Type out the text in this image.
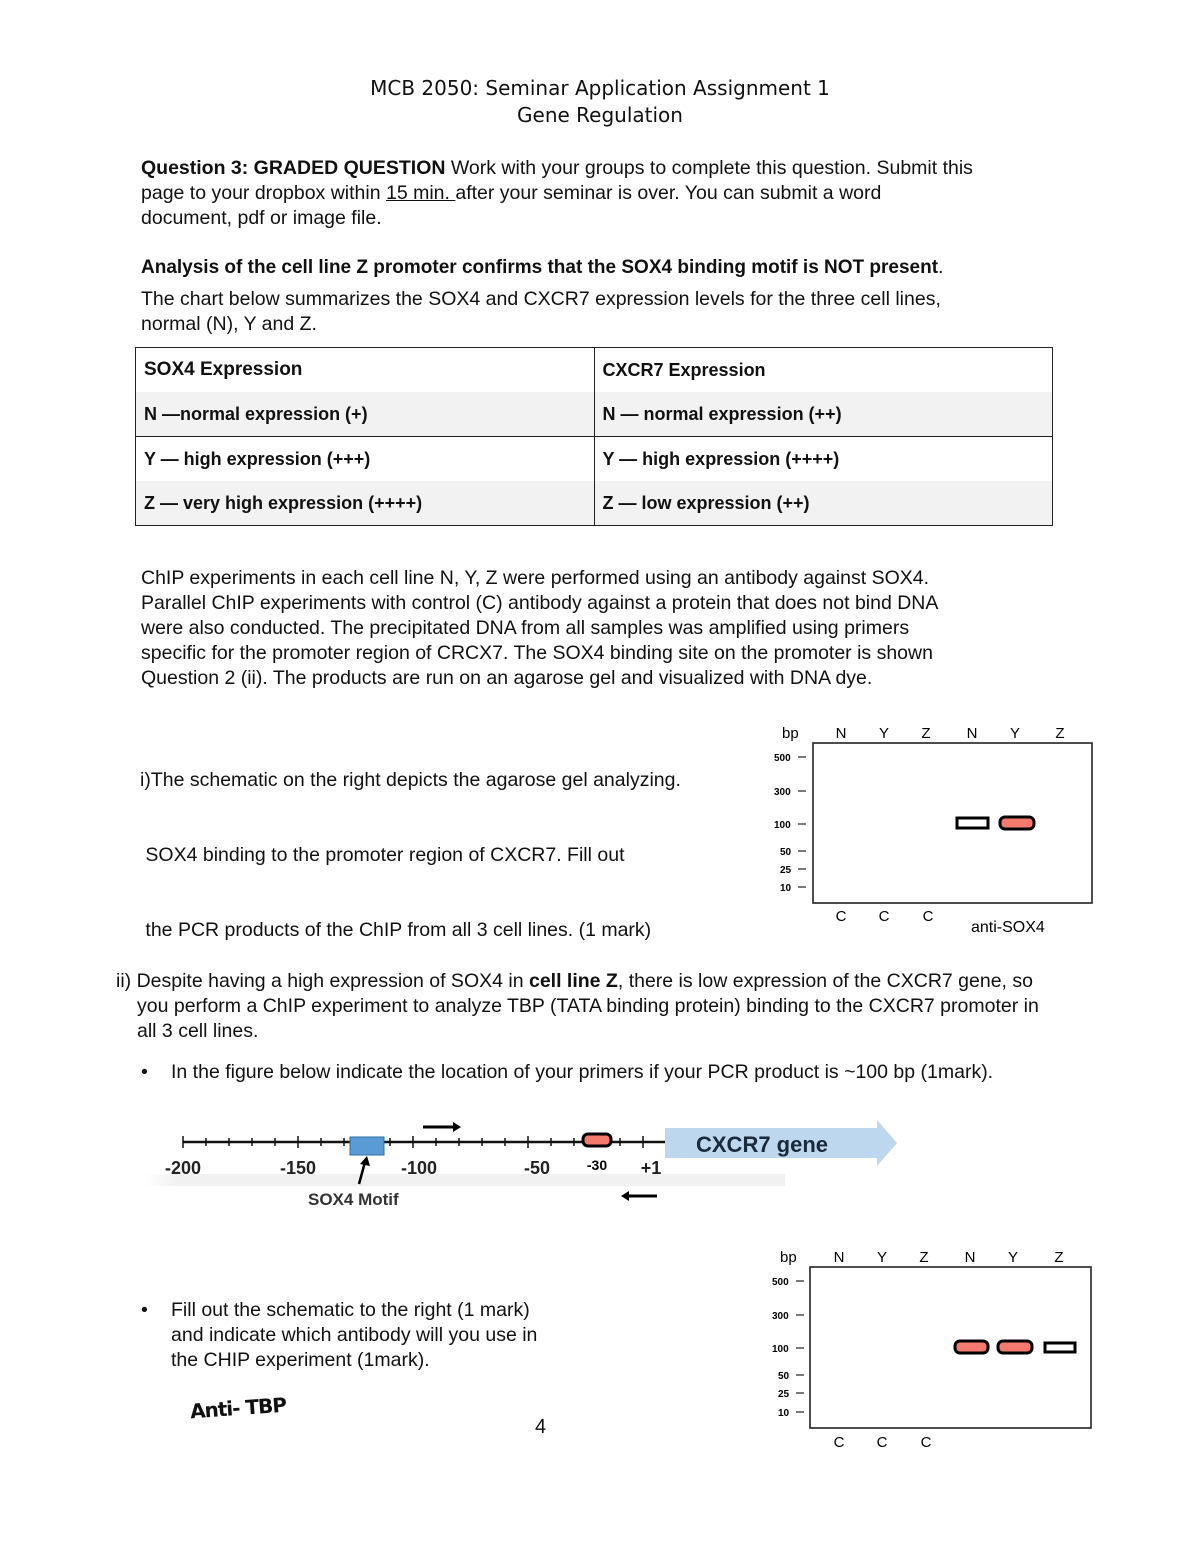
MCB 2050: Seminar Application Assignment 1
Gene Regulation
Question 3: GRADED QUESTION Work with your groups to complete this question. Submit this
page to your dropbox within 15 min. after your seminar is over. You can submit a word
document, pdf or image file.
Analysis of the cell line Z promoter confirms that the SOX4 binding motif is NOT present.
The chart below summarizes the SOX4 and CXCR7 expression levels for the three cell lines,
normal (N), Y and Z.
SOX4 Expression	CXCR7 Expression
N —normal expression (+)	N — normal expression (++)
Y — high expression (+++)	Y — high expression (++++)
Z — very high expression (++++)	Z — low expression (++)
ChIP experiments in each cell line N, Y, Z were performed using an antibody against SOX4.
Parallel ChIP experiments with control (C) antibody against a protein that does not bind DNA
were also conducted. The precipitated DNA from all samples was amplified using primers
specific for the promoter region of CRCX7. The SOX4 binding site on the promoter is shown
Question 2 (ii). The products are run on an agarose gel and visualized with DNA dye.

i)The schematic on the right depicts the agarose gel analyzing.

SOX4 binding to the promoter region of CXCR7. Fill out

the PCR products of the ChIP from all 3 cell lines. (1 mark)

bp N Y Z N Y Z
500
300
100
50
25
10
C C C
anti-SOX4
ii) Despite having a high expression of SOX4 in cell line Z, there is low expression of the CXCR7 gene, so
you perform a ChIP experiment to analyze TBP (TATA binding protein) binding to the CXCR7 promoter in
all 3 cell lines.
• In the figure below indicate the location of your primers if your PCR product is ~100 bp (1mark).
CXCR7 gene
-200	-150	-100	-50	+1
-30
SOX4 Motif
• Fill out the schematic to the right (1 mark)
and indicate which antibody will you use in
the CHIP experiment (1mark).
Anti- TBP
4
bp N Y Z N Y Z
500
300
100
50
25
10
C C C
